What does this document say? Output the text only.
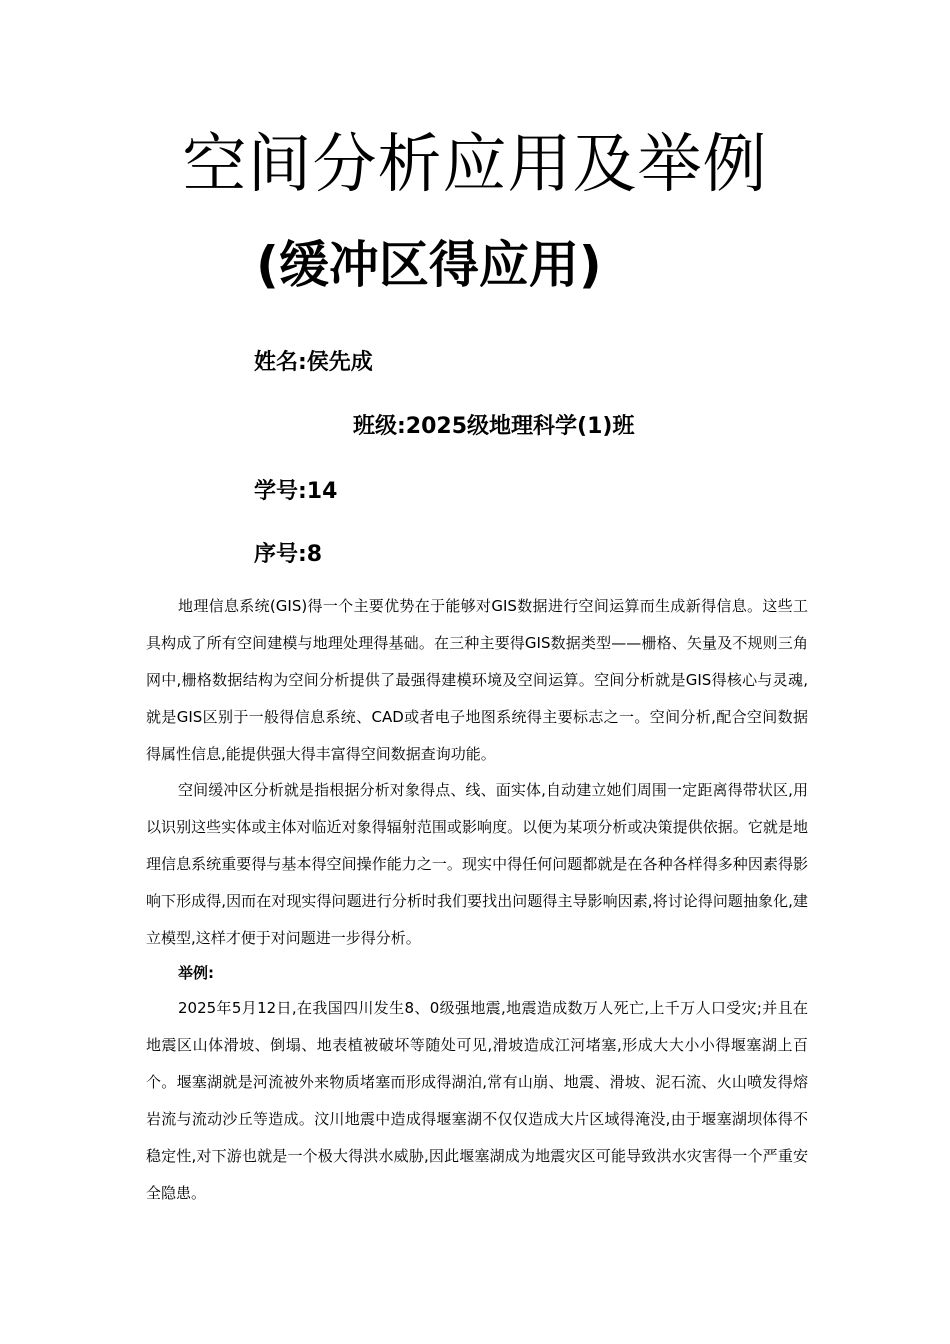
空间分析应用及举例
(缓冲区得应用)
姓名:侯先成
班级:2025级地理科学(1)班
学号:14
序号:8

地理信息系统(GIS)得一个主要优势在于能够对GIS数据进行空间运算而生成新得信息。这些工具构成了所有空间建模与地理处理得基础。在三种主要得GIS数据类型——栅格、矢量及不规则三角网中,栅格数据结构为空间分析提供了最强得建模环境及空间运算。空间分析就是GIS得核心与灵魂,就是GIS区别于一般得信息系统、CAD或者电子地图系统得主要标志之一。空间分析,配合空间数据得属性信息,能提供强大得丰富得空间数据查询功能。

空间缓冲区分析就是指根据分析对象得点、线、面实体,自动建立她们周围一定距离得带状区,用以识别这些实体或主体对临近对象得辐射范围或影响度。以便为某项分析或决策提供依据。它就是地理信息系统重要得与基本得空间操作能力之一。现实中得任何问题都就是在各种各样得多种因素得影响下形成得,因而在对现实得问题进行分析时我们要找出问题得主导影响因素,将讨论得问题抽象化,建立模型,这样才便于对问题进一步得分析。

举例:

2025年5月12日,在我国四川发生8、0级强地震,地震造成数万人死亡,上千万人口受灾;并且在地震区山体滑坡、倒塌、地表植被破坏等随处可见,滑坡造成江河堵塞,形成大大小小得堰塞湖上百个。堰塞湖就是河流被外来物质堵塞而形成得湖泊,常有山崩、地震、滑坡、泥石流、火山喷发得熔岩流与流动沙丘等造成。汶川地震中造成得堰塞湖不仅仅造成大片区域得淹没,由于堰塞湖坝体得不稳定性,对下游也就是一个极大得洪水威胁,因此堰塞湖成为地震灾区可能导致洪水灾害得一个严重安全隐患。
